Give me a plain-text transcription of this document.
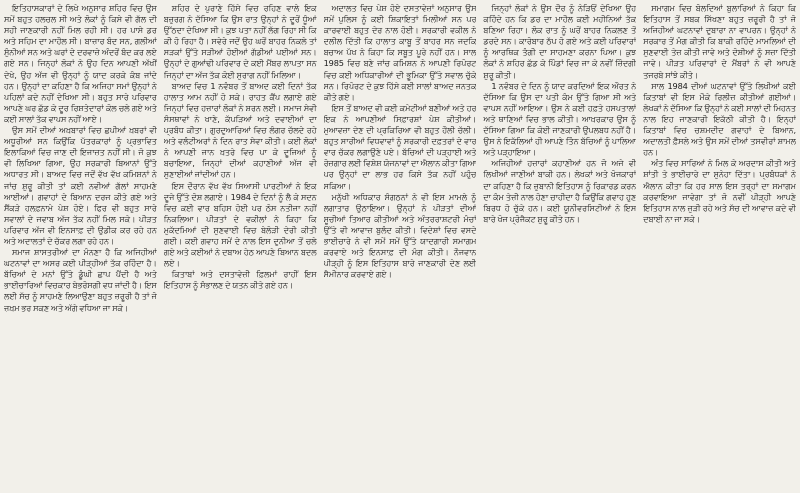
ਇਤਿਹਾਸਕਾਰਾਂ ਦੇ ਲਿਖੇ ਅਨੁਸਾਰ ਸ਼ਹਿਰ ਵਿਚ ਉਸ ਸਮੇਂ ਬਹੁਤ ਹਲਚਲ ਸੀ ਅਤੇ ਲੋਕਾਂ ਨੂੰ ਕਿਸੇ ਵੀ ਗੱਲ ਦੀ ਸਹੀ ਜਾਣਕਾਰੀ ਨਹੀਂ ਮਿਲ ਰਹੀ ਸੀ। ਹਰ ਪਾਸੇ ਡਰ ਅਤੇ ਸਹਿਮ ਦਾ ਮਾਹੌਲ ਸੀ। ਬਾਜ਼ਾਰ ਬੰਦ ਸਨ, ਗਲੀਆਂ ਸੁੰਨੀਆਂ ਸਨ ਅਤੇ ਘਰਾਂ ਦੇ ਦਰਵਾਜ਼ੇ ਅੰਦਰੋਂ ਬੰਦ ਕਰ ਲਏ ਗਏ ਸਨ। ਜਿਨ੍ਹਾਂ ਲੋਕਾਂ ਨੇ ਉਹ ਦਿਨ ਆਪਣੀ ਅੱਖੀਂ ਦੇਖੇ, ਉਹ ਅੱਜ ਵੀ ਉਨ੍ਹਾਂ ਨੂੰ ਯਾਦ ਕਰਕੇ ਕੰਬ ਜਾਂਦੇ ਹਨ। ਉਨ੍ਹਾਂ ਦਾ ਕਹਿਣਾ ਹੈ ਕਿ ਅਜਿਹਾ ਸਮਾਂ ਉਨ੍ਹਾਂ ਨੇ ਪਹਿਲਾਂ ਕਦੇ ਨਹੀਂ ਦੇਖਿਆ ਸੀ। ਬਹੁਤ ਸਾਰੇ ਪਰਿਵਾਰ ਆਪਣੇ ਘਰ ਛੱਡ ਕੇ ਦੂਰ ਰਿਸ਼ਤੇਦਾਰਾਂ ਕੋਲ ਚਲੇ ਗਏ ਅਤੇ ਕਈ ਸਾਲਾਂ ਤੱਕ ਵਾਪਸ ਨਹੀਂ ਆਏ।

ਉਸ ਸਮੇਂ ਦੀਆਂ ਅਖ਼ਬਾਰਾਂ ਵਿਚ ਛਪੀਆਂ ਖ਼ਬਰਾਂ ਵੀ ਅਧੂਰੀਆਂ ਸਨ ਕਿਉਂਕਿ ਪੱਤਰਕਾਰਾਂ ਨੂੰ ਪ੍ਰਭਾਵਿਤ ਇਲਾਕਿਆਂ ਵਿਚ ਜਾਣ ਦੀ ਇਜਾਜ਼ਤ ਨਹੀਂ ਸੀ। ਜੋ ਕੁਝ ਵੀ ਲਿਖਿਆ ਗਿਆ, ਉਹ ਸਰਕਾਰੀ ਬਿਆਨਾਂ ਉੱਤੇ ਅਧਾਰਤ ਸੀ। ਬਾਅਦ ਵਿਚ ਜਦੋਂ ਵੱਖ ਵੱਖ ਕਮਿਸ਼ਨਾਂ ਨੇ ਜਾਂਚ ਸ਼ੁਰੂ ਕੀਤੀ ਤਾਂ ਕਈ ਨਵੀਆਂ ਗੱਲਾਂ ਸਾਹਮਣੇ ਆਈਆਂ। ਗਵਾਹਾਂ ਦੇ ਬਿਆਨ ਦਰਜ ਕੀਤੇ ਗਏ ਅਤੇ ਸੈਂਕੜੇ ਹਲਫ਼ਨਾਮੇ ਪੇਸ਼ ਹੋਏ। ਫਿਰ ਵੀ ਬਹੁਤ ਸਾਰੇ ਸਵਾਲਾਂ ਦੇ ਜਵਾਬ ਅੱਜ ਤੱਕ ਨਹੀਂ ਮਿਲ ਸਕੇ। ਪੀੜਤ ਪਰਿਵਾਰ ਅੱਜ ਵੀ ਇਨਸਾਫ਼ ਦੀ ਉਡੀਕ ਕਰ ਰਹੇ ਹਨ ਅਤੇ ਅਦਾਲਤਾਂ ਦੇ ਚੱਕਰ ਲਗਾ ਰਹੇ ਹਨ।

ਸਮਾਜ ਸ਼ਾਸਤਰੀਆਂ ਦਾ ਮੰਨਣਾ ਹੈ ਕਿ ਅਜਿਹੀਆਂ ਘਟਨਾਵਾਂ ਦਾ ਅਸਰ ਕਈ ਪੀੜ੍ਹੀਆਂ ਤੱਕ ਰਹਿੰਦਾ ਹੈ। ਬੱਚਿਆਂ ਦੇ ਮਨਾਂ ਉੱਤੇ ਡੂੰਘੀ ਛਾਪ ਪੈਂਦੀ ਹੈ ਅਤੇ ਭਾਈਚਾਰਿਆਂ ਵਿਚਕਾਰ ਬੇਭਰੋਸਗੀ ਵਧ ਜਾਂਦੀ ਹੈ। ਇਸ ਲਈ ਸੱਚ ਨੂੰ ਸਾਹਮਣੇ ਲਿਆਉਣਾ ਬਹੁਤ ਜ਼ਰੂਰੀ ਹੈ ਤਾਂ ਜੋ ਜ਼ਖ਼ਮ ਭਰ ਸਕਣ ਅਤੇ ਅੱਗੇ ਵਧਿਆ ਜਾ ਸਕੇ।

ਸ਼ਹਿਰ ਦੇ ਪੁਰਾਣੇ ਹਿੱਸੇ ਵਿਚ ਰਹਿਣ ਵਾਲੇ ਇਕ ਬਜ਼ੁਰਗ ਨੇ ਦੱਸਿਆ ਕਿ ਉਸ ਰਾਤ ਉਨ੍ਹਾਂ ਨੇ ਦੂਰੋਂ ਧੂੰਆਂ ਉੱਠਦਾ ਦੇਖਿਆ ਸੀ। ਕੁਝ ਪਤਾ ਨਹੀਂ ਲੱਗ ਰਿਹਾ ਸੀ ਕਿ ਕੀ ਹੋ ਰਿਹਾ ਹੈ। ਸਵੇਰੇ ਜਦੋਂ ਉਹ ਘਰੋਂ ਬਾਹਰ ਨਿਕਲੇ ਤਾਂ ਸੜਕਾਂ ਉੱਤੇ ਸੜੀਆਂ ਹੋਈਆਂ ਗੱਡੀਆਂ ਪਈਆਂ ਸਨ। ਉਨ੍ਹਾਂ ਦੇ ਗੁਆਂਢੀ ਪਰਿਵਾਰ ਦੇ ਕਈ ਮੈਂਬਰ ਲਾਪਤਾ ਸਨ ਜਿਨ੍ਹਾਂ ਦਾ ਅੱਜ ਤੱਕ ਕੋਈ ਸੁਰਾਗ ਨਹੀਂ ਮਿਲਿਆ।

ਬਾਅਦ ਵਿਚ 1 ਨਵੰਬਰ ਤੋਂ ਬਾਅਦ ਕਈ ਦਿਨਾਂ ਤੱਕ ਹਾਲਾਤ ਆਮ ਨਹੀਂ ਹੋ ਸਕੇ। ਰਾਹਤ ਕੈਂਪ ਲਗਾਏ ਗਏ ਜਿਨ੍ਹਾਂ ਵਿਚ ਹਜ਼ਾਰਾਂ ਲੋਕਾਂ ਨੇ ਸ਼ਰਨ ਲਈ। ਸਮਾਜ ਸੇਵੀ ਸੰਸਥਾਵਾਂ ਨੇ ਖਾਣੇ, ਕੱਪੜਿਆਂ ਅਤੇ ਦਵਾਈਆਂ ਦਾ ਪ੍ਰਬੰਧ ਕੀਤਾ। ਗੁਰਦੁਆਰਿਆਂ ਵਿਚ ਲੰਗਰ ਚੱਲਦੇ ਰਹੇ ਅਤੇ ਵਲੰਟੀਅਰਾਂ ਨੇ ਦਿਨ ਰਾਤ ਸੇਵਾ ਕੀਤੀ। ਕਈ ਲੋਕਾਂ ਨੇ ਆਪਣੀ ਜਾਨ ਖ਼ਤਰੇ ਵਿਚ ਪਾ ਕੇ ਦੂਜਿਆਂ ਨੂੰ ਬਚਾਇਆ, ਜਿਨ੍ਹਾਂ ਦੀਆਂ ਕਹਾਣੀਆਂ ਅੱਜ ਵੀ ਸੁਣਾਈਆਂ ਜਾਂਦੀਆਂ ਹਨ।

ਇਸ ਦੌਰਾਨ ਵੱਖ ਵੱਖ ਸਿਆਸੀ ਪਾਰਟੀਆਂ ਨੇ ਇਕ ਦੂਜੇ ਉੱਤੇ ਦੋਸ਼ ਲਗਾਏ। 1984 ਦੇ ਦਿਨਾਂ ਨੂੰ ਲੈ ਕੇ ਸਦਨ ਵਿਚ ਕਈ ਵਾਰ ਬਹਿਸ ਹੋਈ ਪਰ ਠੋਸ ਨਤੀਜਾ ਨਹੀਂ ਨਿਕਲਿਆ। ਪੀੜਤਾਂ ਦੇ ਵਕੀਲਾਂ ਨੇ ਕਿਹਾ ਕਿ ਮੁਕੱਦਮਿਆਂ ਦੀ ਸੁਣਵਾਈ ਵਿਚ ਬੇਲੋੜੀ ਦੇਰੀ ਕੀਤੀ ਗਈ। ਕਈ ਗਵਾਹ ਸਮੇਂ ਦੇ ਨਾਲ ਇਸ ਦੁਨੀਆ ਤੋਂ ਚਲੇ ਗਏ ਅਤੇ ਕਈਆਂ ਨੇ ਦਬਾਅ ਹੇਠ ਆਪਣੇ ਬਿਆਨ ਬਦਲ ਲਏ।

ਕਿਤਾਬਾਂ ਅਤੇ ਦਸਤਾਵੇਜ਼ੀ ਫ਼ਿਲਮਾਂ ਰਾਹੀਂ ਇਸ ਇਤਿਹਾਸ ਨੂੰ ਸੰਭਾਲਣ ਦੇ ਯਤਨ ਕੀਤੇ ਗਏ ਹਨ।

ਅਦਾਲਤ ਵਿਚ ਪੇਸ਼ ਹੋਏ ਦਸਤਾਵੇਜ਼ਾਂ ਅਨੁਸਾਰ ਉਸ ਸਮੇਂ ਪੁਲਿਸ ਨੂੰ ਕਈ ਸ਼ਿਕਾਇਤਾਂ ਮਿਲੀਆਂ ਸਨ ਪਰ ਕਾਰਵਾਈ ਬਹੁਤ ਦੇਰ ਨਾਲ ਹੋਈ। ਸਰਕਾਰੀ ਵਕੀਲ ਨੇ ਦਲੀਲ ਦਿੱਤੀ ਕਿ ਹਾਲਾਤ ਕਾਬੂ ਤੋਂ ਬਾਹਰ ਸਨ ਜਦਕਿ ਬਚਾਅ ਪੱਖ ਨੇ ਕਿਹਾ ਕਿ ਸਬੂਤ ਪੂਰੇ ਨਹੀਂ ਹਨ। ਸਾਲ 1985 ਵਿਚ ਬਣੇ ਜਾਂਚ ਕਮਿਸ਼ਨ ਨੇ ਆਪਣੀ ਰਿਪੋਰਟ ਵਿਚ ਕਈ ਅਧਿਕਾਰੀਆਂ ਦੀ ਭੂਮਿਕਾ ਉੱਤੇ ਸਵਾਲ ਚੁੱਕੇ ਸਨ। ਰਿਪੋਰਟ ਦੇ ਕੁਝ ਹਿੱਸੇ ਕਈ ਸਾਲਾਂ ਬਾਅਦ ਜਨਤਕ ਕੀਤੇ ਗਏ।

ਇਸ ਤੋਂ ਬਾਅਦ ਵੀ ਕਈ ਕਮੇਟੀਆਂ ਬਣੀਆਂ ਅਤੇ ਹਰ ਇਕ ਨੇ ਆਪਣੀਆਂ ਸਿਫ਼ਾਰਸ਼ਾਂ ਪੇਸ਼ ਕੀਤੀਆਂ। ਮੁਆਵਜ਼ਾ ਦੇਣ ਦੀ ਪ੍ਰਕਿਰਿਆ ਵੀ ਬਹੁਤ ਹੌਲੀ ਚੱਲੀ। ਬਹੁਤ ਸਾਰੀਆਂ ਵਿਧਵਾਵਾਂ ਨੂੰ ਸਰਕਾਰੀ ਦਫ਼ਤਰਾਂ ਦੇ ਵਾਰ ਵਾਰ ਚੱਕਰ ਲਗਾਉਣੇ ਪਏ। ਬੱਚਿਆਂ ਦੀ ਪੜ੍ਹਾਈ ਅਤੇ ਰੋਜ਼ਗਾਰ ਲਈ ਵਿਸ਼ੇਸ਼ ਯੋਜਨਾਵਾਂ ਦਾ ਐਲਾਨ ਕੀਤਾ ਗਿਆ ਪਰ ਉਨ੍ਹਾਂ ਦਾ ਲਾਭ ਹਰ ਕਿਸੇ ਤੱਕ ਨਹੀਂ ਪਹੁੰਚ ਸਕਿਆ।

ਮਨੁੱਖੀ ਅਧਿਕਾਰ ਸੰਗਠਨਾਂ ਨੇ ਵੀ ਇਸ ਮਾਮਲੇ ਨੂੰ ਲਗਾਤਾਰ ਉਠਾਇਆ। ਉਨ੍ਹਾਂ ਨੇ ਪੀੜਤਾਂ ਦੀਆਂ ਸੂਚੀਆਂ ਤਿਆਰ ਕੀਤੀਆਂ ਅਤੇ ਅੰਤਰਰਾਸ਼ਟਰੀ ਮੰਚਾਂ ਉੱਤੇ ਵੀ ਆਵਾਜ਼ ਬੁਲੰਦ ਕੀਤੀ। ਵਿਦੇਸ਼ਾਂ ਵਿਚ ਵਸਦੇ ਭਾਈਚਾਰੇ ਨੇ ਵੀ ਸਮੇਂ ਸਮੇਂ ਉੱਤੇ ਯਾਦਗਾਰੀ ਸਮਾਗਮ ਕਰਵਾਏ ਅਤੇ ਇਨਸਾਫ਼ ਦੀ ਮੰਗ ਕੀਤੀ। ਨੌਜਵਾਨ ਪੀੜ੍ਹੀ ਨੂੰ ਇਸ ਇਤਿਹਾਸ ਬਾਰੇ ਜਾਣਕਾਰੀ ਦੇਣ ਲਈ ਸੈਮੀਨਾਰ ਕਰਵਾਏ ਗਏ।

ਜਿਨ੍ਹਾਂ ਲੋਕਾਂ ਨੇ ਉਸ ਦੌਰ ਨੂੰ ਨੇੜਿਓਂ ਦੇਖਿਆ ਉਹ ਕਹਿੰਦੇ ਹਨ ਕਿ ਡਰ ਦਾ ਮਾਹੌਲ ਕਈ ਮਹੀਨਿਆਂ ਤੱਕ ਬਣਿਆ ਰਿਹਾ। ਲੋਕ ਰਾਤ ਨੂੰ ਘਰੋਂ ਬਾਹਰ ਨਿਕਲਣ ਤੋਂ ਡਰਦੇ ਸਨ। ਕਾਰੋਬਾਰ ਠੱਪ ਹੋ ਗਏ ਅਤੇ ਕਈ ਪਰਿਵਾਰਾਂ ਨੂੰ ਆਰਥਿਕ ਤੰਗੀ ਦਾ ਸਾਹਮਣਾ ਕਰਨਾ ਪਿਆ। ਕੁਝ ਲੋਕਾਂ ਨੇ ਸ਼ਹਿਰ ਛੱਡ ਕੇ ਪਿੰਡਾਂ ਵਿਚ ਜਾ ਕੇ ਨਵੀਂ ਜ਼ਿੰਦਗੀ ਸ਼ੁਰੂ ਕੀਤੀ।

1 ਨਵੰਬਰ ਦੇ ਦਿਨ ਨੂੰ ਯਾਦ ਕਰਦਿਆਂ ਇਕ ਔਰਤ ਨੇ ਦੱਸਿਆ ਕਿ ਉਸ ਦਾ ਪਤੀ ਕੰਮ ਉੱਤੇ ਗਿਆ ਸੀ ਅਤੇ ਵਾਪਸ ਨਹੀਂ ਆਇਆ। ਉਸ ਨੇ ਕਈ ਹਫ਼ਤੇ ਹਸਪਤਾਲਾਂ ਅਤੇ ਥਾਣਿਆਂ ਵਿਚ ਭਾਲ ਕੀਤੀ। ਆਖ਼ਰਕਾਰ ਉਸ ਨੂੰ ਦੱਸਿਆ ਗਿਆ ਕਿ ਕੋਈ ਜਾਣਕਾਰੀ ਉਪਲਬਧ ਨਹੀਂ ਹੈ। ਉਸ ਨੇ ਇਕੱਲਿਆਂ ਹੀ ਆਪਣੇ ਤਿੰਨ ਬੱਚਿਆਂ ਨੂੰ ਪਾਲਿਆ ਅਤੇ ਪੜ੍ਹਾਇਆ।

ਅਜਿਹੀਆਂ ਹਜ਼ਾਰਾਂ ਕਹਾਣੀਆਂ ਹਨ ਜੋ ਅਜੇ ਵੀ ਲਿਖੀਆਂ ਜਾਣੀਆਂ ਬਾਕੀ ਹਨ। ਲੇਖਕਾਂ ਅਤੇ ਖੋਜਕਾਰਾਂ ਦਾ ਕਹਿਣਾ ਹੈ ਕਿ ਜ਼ੁਬਾਨੀ ਇਤਿਹਾਸ ਨੂੰ ਰਿਕਾਰਡ ਕਰਨ ਦਾ ਕੰਮ ਤੇਜ਼ੀ ਨਾਲ ਹੋਣਾ ਚਾਹੀਦਾ ਹੈ ਕਿਉਂਕਿ ਗਵਾਹ ਹੁਣ ਬਿਰਧ ਹੋ ਚੁੱਕੇ ਹਨ। ਕਈ ਯੂਨੀਵਰਸਿਟੀਆਂ ਨੇ ਇਸ ਬਾਰੇ ਖੋਜ ਪ੍ਰੋਜੈਕਟ ਸ਼ੁਰੂ ਕੀਤੇ ਹਨ।

ਸਮਾਗਮ ਵਿਚ ਬੋਲਦਿਆਂ ਬੁਲਾਰਿਆਂ ਨੇ ਕਿਹਾ ਕਿ ਇਤਿਹਾਸ ਤੋਂ ਸਬਕ ਸਿੱਖਣਾ ਬਹੁਤ ਜ਼ਰੂਰੀ ਹੈ ਤਾਂ ਜੋ ਅਜਿਹੀਆਂ ਘਟਨਾਵਾਂ ਦੁਬਾਰਾ ਨਾ ਵਾਪਰਨ। ਉਨ੍ਹਾਂ ਨੇ ਸਰਕਾਰ ਤੋਂ ਮੰਗ ਕੀਤੀ ਕਿ ਬਾਕੀ ਰਹਿੰਦੇ ਮਾਮਲਿਆਂ ਦੀ ਸੁਣਵਾਈ ਤੇਜ਼ ਕੀਤੀ ਜਾਵੇ ਅਤੇ ਦੋਸ਼ੀਆਂ ਨੂੰ ਸਜ਼ਾ ਦਿੱਤੀ ਜਾਵੇ। ਪੀੜਤ ਪਰਿਵਾਰਾਂ ਦੇ ਮੈਂਬਰਾਂ ਨੇ ਵੀ ਆਪਣੇ ਤਜਰਬੇ ਸਾਂਝੇ ਕੀਤੇ।

ਸਾਲ 1984 ਦੀਆਂ ਘਟਨਾਵਾਂ ਉੱਤੇ ਲਿਖੀਆਂ ਕਈ ਕਿਤਾਬਾਂ ਵੀ ਇਸ ਮੌਕੇ ਰਿਲੀਜ਼ ਕੀਤੀਆਂ ਗਈਆਂ। ਲੇਖਕਾਂ ਨੇ ਦੱਸਿਆ ਕਿ ਉਨ੍ਹਾਂ ਨੇ ਕਈ ਸਾਲਾਂ ਦੀ ਮਿਹਨਤ ਨਾਲ ਇਹ ਜਾਣਕਾਰੀ ਇਕੱਠੀ ਕੀਤੀ ਹੈ। ਇਨ੍ਹਾਂ ਕਿਤਾਬਾਂ ਵਿਚ ਚਸ਼ਮਦੀਦ ਗਵਾਹਾਂ ਦੇ ਬਿਆਨ, ਅਦਾਲਤੀ ਫ਼ੈਸਲੇ ਅਤੇ ਉਸ ਸਮੇਂ ਦੀਆਂ ਤਸਵੀਰਾਂ ਸ਼ਾਮਲ ਹਨ।

ਅੰਤ ਵਿਚ ਸਾਰਿਆਂ ਨੇ ਮਿਲ ਕੇ ਅਰਦਾਸ ਕੀਤੀ ਅਤੇ ਸ਼ਾਂਤੀ ਤੇ ਭਾਈਚਾਰੇ ਦਾ ਸੁਨੇਹਾ ਦਿੱਤਾ। ਪ੍ਰਬੰਧਕਾਂ ਨੇ ਐਲਾਨ ਕੀਤਾ ਕਿ ਹਰ ਸਾਲ ਇਸ ਤਰ੍ਹਾਂ ਦਾ ਸਮਾਗਮ ਕਰਵਾਇਆ ਜਾਵੇਗਾ ਤਾਂ ਜੋ ਨਵੀਂ ਪੀੜ੍ਹੀ ਆਪਣੇ ਇਤਿਹਾਸ ਨਾਲ ਜੁੜੀ ਰਹੇ ਅਤੇ ਸੱਚ ਦੀ ਆਵਾਜ਼ ਕਦੇ ਵੀ ਦਬਾਈ ਨਾ ਜਾ ਸਕੇ।
